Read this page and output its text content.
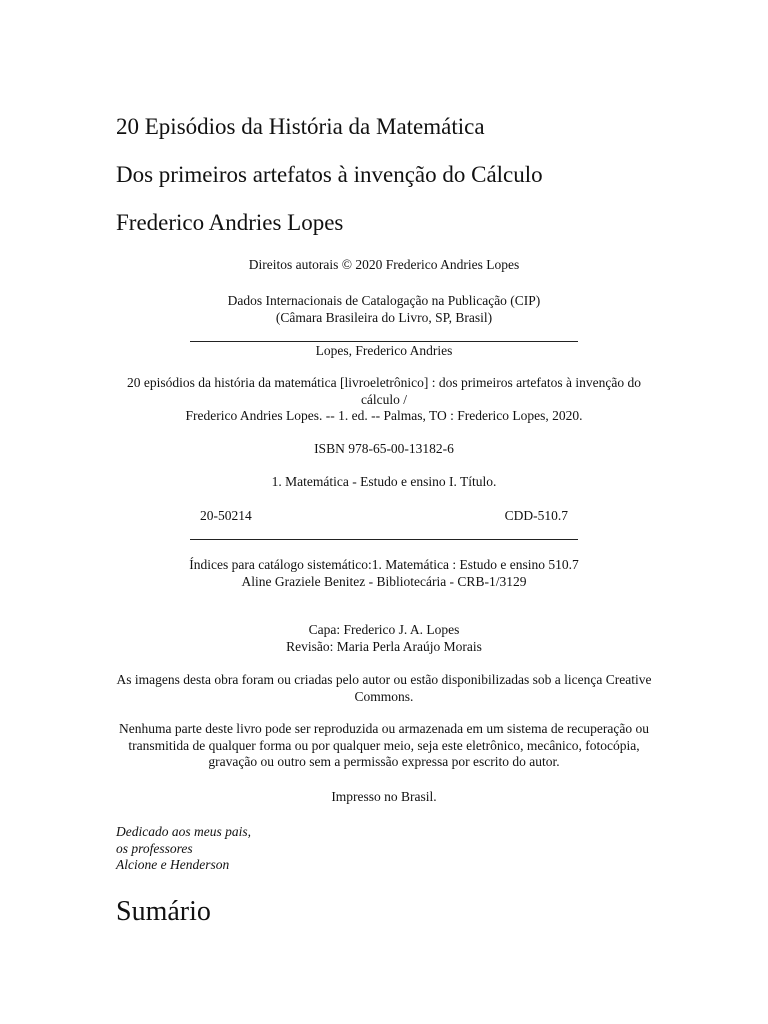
20 Episódios da História da Matemática
Dos primeiros artefatos à invenção do Cálculo
Frederico Andries Lopes

Direitos autorais © 2020 Frederico Andries Lopes

Dados Internacionais de Catalogação na Publicação (CIP)

(Câmara Brasileira do Livro, SP, Brasil)

Lopes, Frederico Andries

20 episódios da história da matemática [livroeletrônico] : dos primeiros artefatos à invenção do

cálculo /

Frederico Andries Lopes. -- 1. ed. -- Palmas, TO : Frederico Lopes, 2020.

ISBN 978-65-00-13182-6

1. Matemática - Estudo e ensino I. Título.

20-50214	CDD-510.7

Índices para catálogo sistemático:1. Matemática : Estudo e ensino 510.7

Aline Graziele Benitez - Bibliotecária - CRB-1/3129

Capa: Frederico J. A. Lopes

Revisão: Maria Perla Araújo Morais

As imagens desta obra foram ou criadas pelo autor ou estão disponibilizadas sob a licença Creative

Commons.

Nenhuma parte deste livro pode ser reproduzida ou armazenada em um sistema de recuperação ou

transmitida de qualquer forma ou por qualquer meio, seja este eletrônico, mecânico, fotocópia,

gravação ou outro sem a permissão expressa por escrito do autor.

Impresso no Brasil.

Dedicado aos meus pais,
os professores
Alcione e Henderson

Sumário
